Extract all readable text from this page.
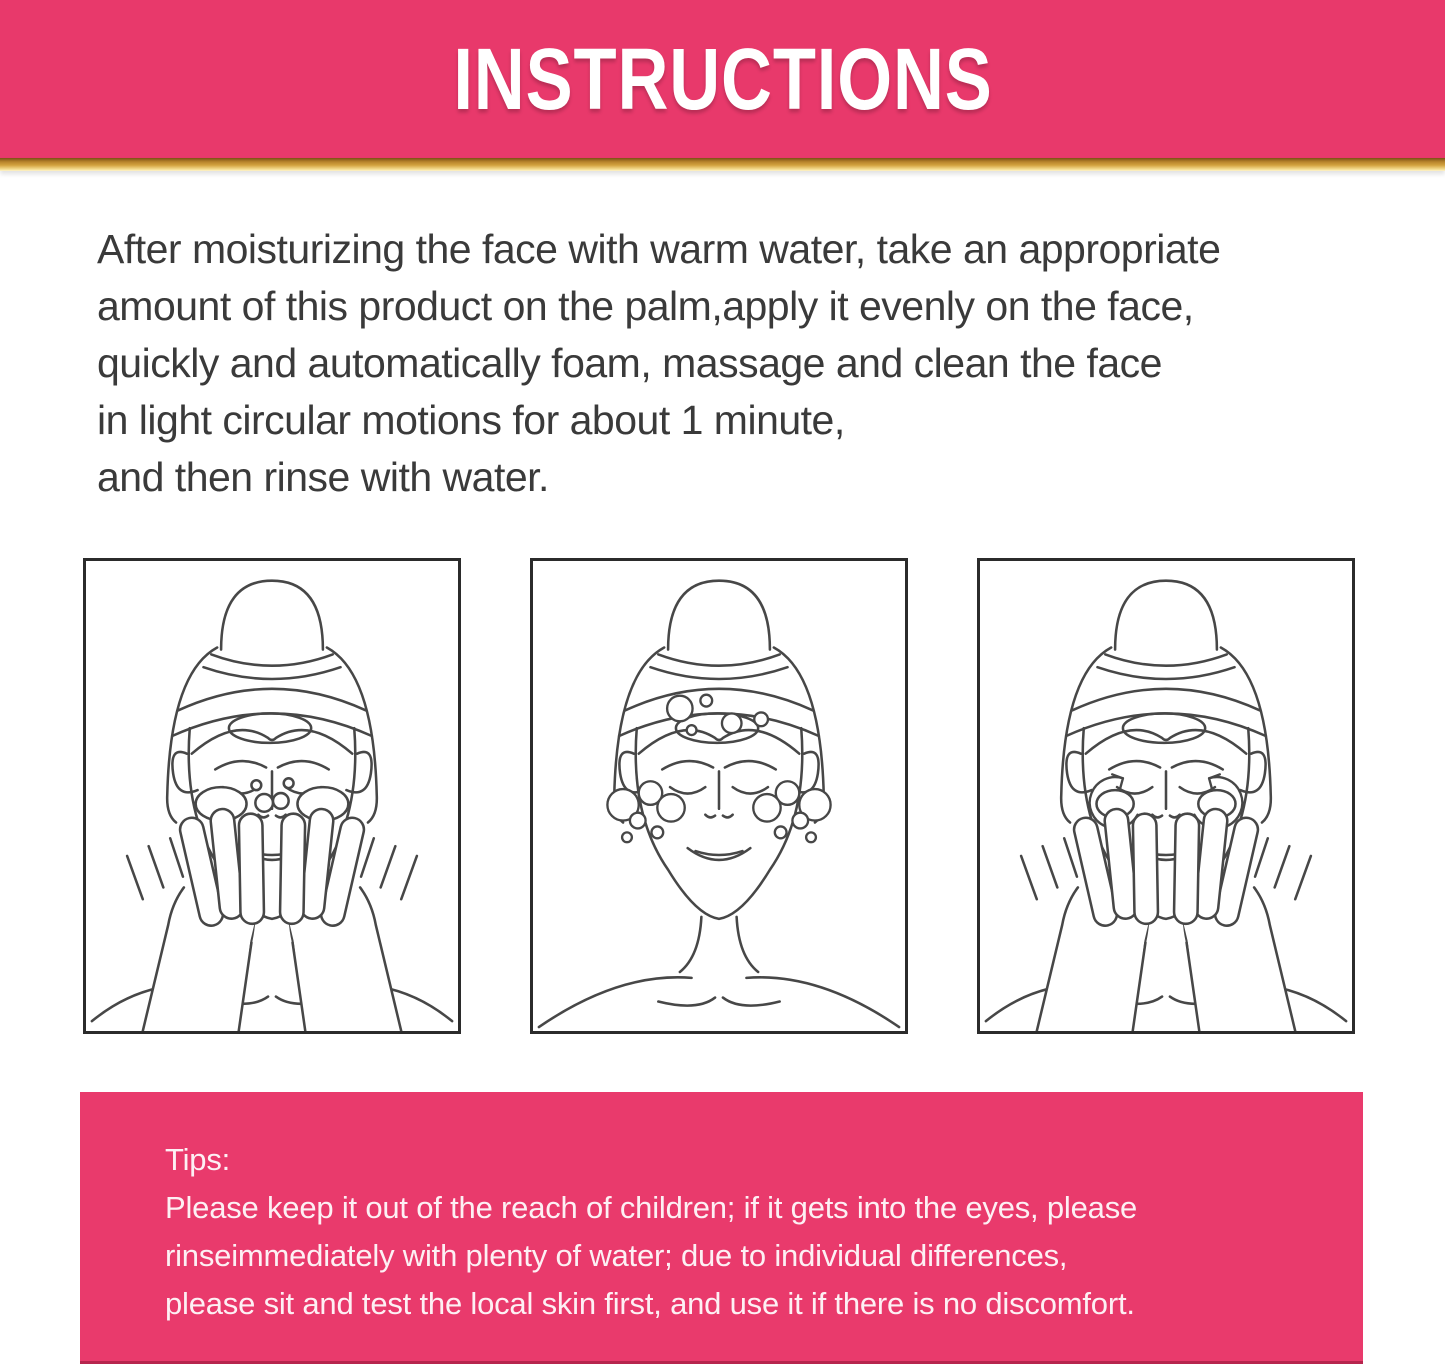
INSTRUCTIONS
After moisturizing the face with warm water, take an appropriate
amount of this product on the palm,apply it evenly on the face,
quickly and automatically foam, massage and clean the face
in light circular motions for about 1 minute,
and then rinse with water.
Tips:
Please keep it out of the reach of children; if it gets into the eyes, please
rinseimmediately with plenty of water; due to individual differences,
please sit and test the local skin first, and use it if there is no discomfort.
